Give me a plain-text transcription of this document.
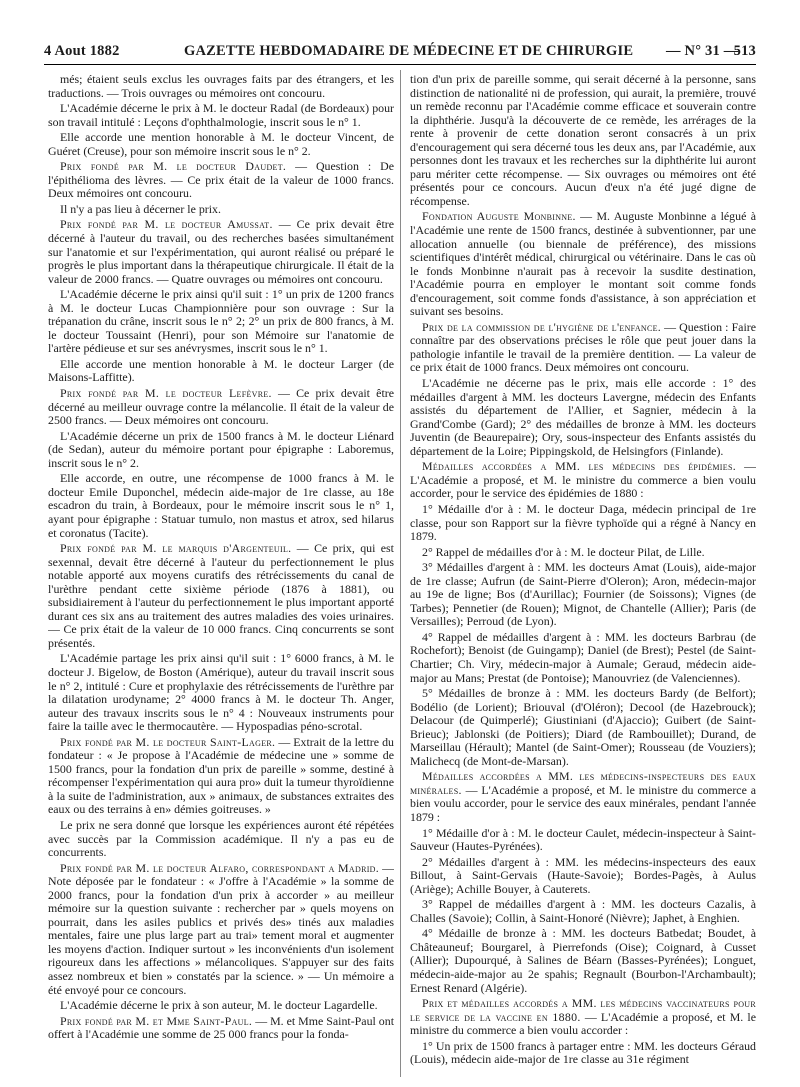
4 Aout 1882	GAZETTE HEBDOMADAIRE DE MÉDECINE ET DE CHIRURGIE — N° 31 —
513

més; étaient seuls exclus les ouvrages faits par des étrangers, et les traductions. — Trois ouvrages ou mémoires ont concouru.

L'Académie décerne le prix à M. le docteur Radal (de Bordeaux) pour son travail intitulé : Leçons d'ophthalmologie, inscrit sous le n° 1.

Elle accorde une mention honorable à M. le docteur Vincent, de Guéret (Creuse), pour son mémoire inscrit sous le n° 2.

Prix fondé par M. le docteur Daudet. — Question : De l'épithélioma des lèvres. — Ce prix était de la valeur de 1000 francs. Deux mémoires ont concouru.

Il n'y a pas lieu à décerner le prix.

Prix fondé par M. le docteur Amussat. — Ce prix devait être décerné à l'auteur du travail, ou des recherches basées simultanément sur l'anatomie et sur l'expérimentation, qui auront réalisé ou préparé le progrès le plus important dans la thérapeutique chirurgicale. Il était de la valeur de 2000 francs. — Quatre ouvrages ou mémoires ont concouru.

L'Académie décerne le prix ainsi qu'il suit : 1° un prix de 1200 francs à M. le docteur Lucas Championnière pour son ouvrage : Sur la trépanation du crâne, inscrit sous le n° 2; 2° un prix de 800 francs, à M. le docteur Toussaint (Henri), pour son Mémoire sur l'anatomie de l'artère pédieuse et sur ses anévrysmes, inscrit sous le n° 1.

Elle accorde une mention honorable à M. le docteur Larger (de Maisons-Laffitte).

Prix fondé par M. le docteur Lefèvre. — Ce prix devait être décerné au meilleur ouvrage contre la mélancolie. Il était de la valeur de 2500 francs. — Deux mémoires ont concouru.

L'Académie décerne un prix de 1500 francs à M. le docteur Liénard (de Sedan), auteur du mémoire portant pour épigraphe : Laboremus, inscrit sous le n° 2.

Elle accorde, en outre, une récompense de 1000 francs à M. le docteur Emile Duponchel, médecin aide-major de 1re classe, au 18e escadron du train, à Bordeaux, pour le mémoire inscrit sous le n° 1, ayant pour épigraphe : Statuar tumulo, non mastus et atrox, sed hilarus et coronatus (Tacite).

Prix fondé par M. le marquis d'Argenteuil. — Ce prix, qui est sexennal, devait être décerné à l'auteur du perfectionnement le plus notable apporté aux moyens curatifs des rétrécissements du canal de l'urèthre pendant cette sixième période (1876 à 1881), ou subsidiairement à l'auteur du perfectionnement le plus important apporté durant ces six ans au traitement des autres maladies des voies urinaires. — Ce prix était de la valeur de 10 000 francs. Cinq concurrents se sont présentés.

L'Académie partage les prix ainsi qu'il suit : 1° 6000 francs, à M. le docteur J. Bigelow, de Boston (Amérique), auteur du travail inscrit sous le n° 2, intitulé : Cure et prophylaxie des rétrécissements de l'urèthre par la dilatation urodyname; 2° 4000 francs à M. le docteur Th. Anger, auteur des travaux inscrits sous le n° 4 : Nouveaux instruments pour faire la taille avec le thermocautère. — Hypospadias péno-scrotal.

Prix fondé par M. le docteur Saint-Lager. — Extrait de la lettre du fondateur : « Je propose à l'Académie de médecine une » somme de 1500 francs, pour la fondation d'un prix de pareille » somme, destiné à récompenser l'expérimentation qui aura pro» duit la tumeur thyroïdienne à la suite de l'administration, aux » animaux, de substances extraites des eaux ou des terrains à en» démies goitreuses. »

Le prix ne sera donné que lorsque les expériences auront été répétées avec succès par la Commission académique. Il n'y a pas eu de concurrents.

Prix fondé par M. le docteur Alfaro, correspondant a Madrid. — Note déposée par le fondateur : « J'offre à l'Académie » la somme de 2000 francs, pour la fondation d'un prix à accorder » au meilleur mémoire sur la question suivante : rechercher par » quels moyens on pourrait, dans les asiles publics et privés des» tinés aux maladies mentales, faire une plus large part au trai» tement moral et augmenter les moyens d'action. Indiquer surtout » les inconvénients d'un isolement rigoureux dans les affections » mélancoliques. S'appuyer sur des faits assez nombreux et bien » constatés par la science. » — Un mémoire a été envoyé pour ce concours.

L'Académie décerne le prix à son auteur, M. le docteur Lagardelle.

Prix fondé par M. et Mme Saint-Paul. — M. et Mme Saint-Paul ont offert à l'Académie une somme de 25 000 francs pour la fonda-

tion d'un prix de pareille somme, qui serait décerné à la personne, sans distinction de nationalité ni de profession, qui aurait, la première, trouvé un remède reconnu par l'Académie comme efficace et souverain contre la diphthérie. Jusqu'à la découverte de ce remède, les arrérages de la rente à provenir de cette donation seront consacrés à un prix d'encouragement qui sera décerné tous les deux ans, par l'Académie, aux personnes dont les travaux et les recherches sur la diphthérite lui auront paru mériter cette récompense. — Six ouvrages ou mémoires ont été présentés pour ce concours. Aucun d'eux n'a été jugé digne de récompense.

Fondation Auguste Monbinne. — M. Auguste Monbinne a légué à l'Académie une rente de 1500 francs, destinée à subventionner, par une allocation annuelle (ou biennale de préférence), des missions scientifiques d'intérêt médical, chirurgical ou vétérinaire. Dans le cas où le fonds Monbinne n'aurait pas à recevoir la susdite destination, l'Académie pourra en employer le montant soit comme fonds d'encouragement, soit comme fonds d'assistance, à son appréciation et suivant ses besoins.

Prix de la commission de l'hygiène de l'enfance. — Question : Faire connaître par des observations précises le rôle que peut jouer dans la pathologie infantile le travail de la première dentition. — La valeur de ce prix était de 1000 francs. Deux mémoires ont concouru.

L'Académie ne décerne pas le prix, mais elle accorde : 1° des médailles d'argent à MM. les docteurs Lavergne, médecin des Enfants assistés du département de l'Allier, et Sagnier, médecin à la Grand'Combe (Gard); 2° des médailles de bronze à MM. les docteurs Juventin (de Beaurepaire); Ory, sous-inspecteur des Enfants assistés du département de la Loire; Pippingskold, de Helsingfors (Finlande).

Médailles accordées a MM. les médecins des épidémies. — L'Académie a proposé, et M. le ministre du commerce a bien voulu accorder, pour le service des épidémies de 1880 :

1° Médaille d'or à : M. le docteur Daga, médecin principal de 1re classe, pour son Rapport sur la fièvre typhoïde qui a régné à Nancy en 1879.

2° Rappel de médailles d'or à : M. le docteur Pilat, de Lille.

3° Médailles d'argent à : MM. les docteurs Amat (Louis), aide-major de 1re classe; Aufrun (de Saint-Pierre d'Oleron); Aron, médecin-major au 19e de ligne; Bos (d'Aurillac); Fournier (de Soissons); Vignes (de Tarbes); Pennetier (de Rouen); Mignot, de Chantelle (Allier); Paris (de Versailles); Perroud (de Lyon).

4° Rappel de médailles d'argent à : MM. les docteurs Barbrau (de Rochefort); Benoist (de Guingamp); Daniel (de Brest); Pestel (de Saint-Chartier; Ch. Viry, médecin-major à Aumale; Geraud, médecin aide-major au Mans; Prestat (de Pontoise); Manouvriez (de Valenciennes).

5° Médailles de bronze à : MM. les docteurs Bardy (de Belfort); Bodélio (de Lorient); Briouval (d'Oléron); Decool (de Hazebrouck); Delacour (de Quimperlé); Giustiniani (d'Ajaccio); Guibert (de Saint-Brieuc); Jablonski (de Poitiers); Diard (de Rambouillet); Durand, de Marseillau (Hérault); Mantel (de Saint-Omer); Rousseau (de Vouziers); Malichecq (de Mont-de-Marsan).

Médailles accordées a MM. les médecins-inspecteurs des eaux minérales. — L'Académie a proposé, et M. le ministre du commerce a bien voulu accorder, pour le service des eaux minérales, pendant l'année 1879 :

1° Médaille d'or à : M. le docteur Caulet, médecin-inspecteur à Saint-Sauveur (Hautes-Pyrénées).

2° Médailles d'argent à : MM. les médecins-inspecteurs des eaux Billout, à Saint-Gervais (Haute-Savoie); Bordes-Pagès, à Aulus (Ariège); Achille Bouyer, à Cauterets.

3° Rappel de médailles d'argent à : MM. les docteurs Cazalis, à Challes (Savoie); Collin, à Saint-Honoré (Nièvre); Japhet, à Enghien.

4° Médaille de bronze à : MM. les docteurs Batbedat; Boudet, à Châteauneuf; Bourgarel, à Pierrefonds (Oise); Coignard, à Cusset (Allier); Dupourqué, à Salines de Béarn (Basses-Pyrénées); Longuet, médecin-aide-major au 2e spahis; Regnault (Bourbon-l'Archambault); Ernest Renard (Algérie).

Prix et médailles accordés a MM. les médecins vaccinateurs pour le service de la vaccine en 1880. — L'Académie a proposé, et M. le ministre du commerce a bien voulu accorder :

1° Un prix de 1500 francs à partager entre : MM. les docteurs Géraud (Louis), médecin aide-major de 1re classe au 31e régiment
